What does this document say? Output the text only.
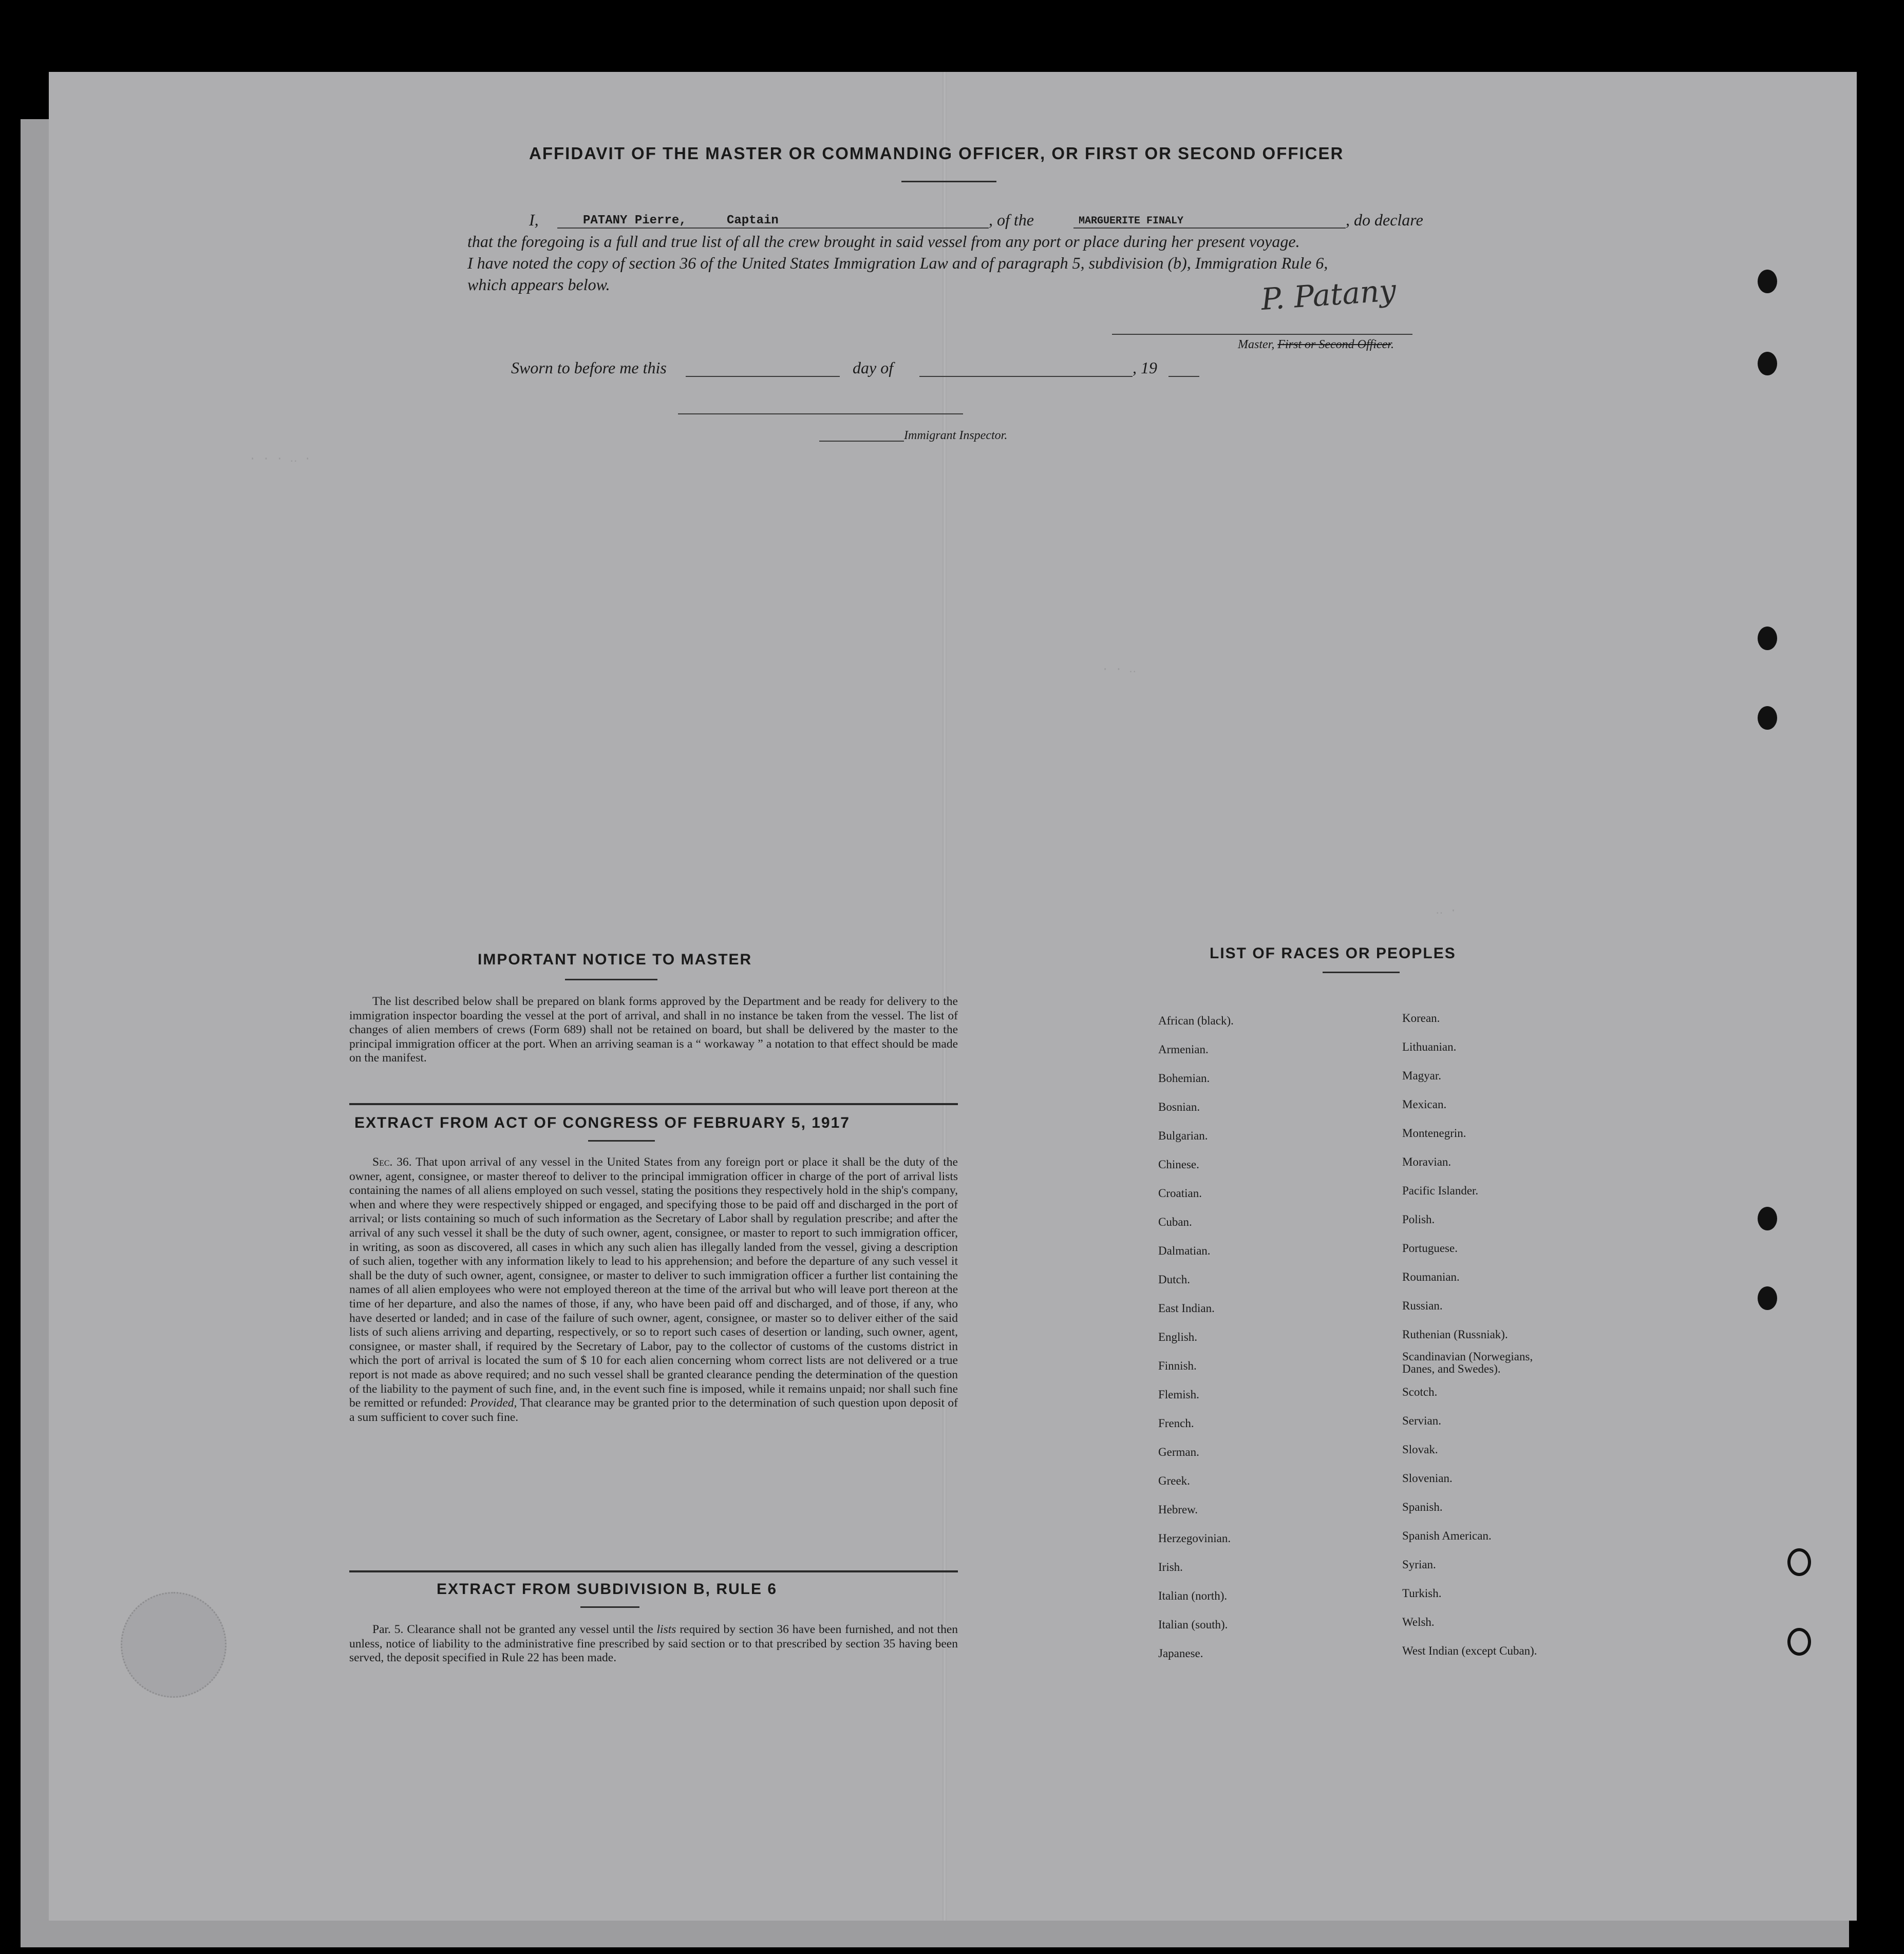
· · · ‥ ·
· · ‥
‥ ·
AFFIDAVIT OF THE MASTER OR COMMANDING OFFICER, OR FIRST OR SECOND OFFICER
I,	PATANY Pierre,	Captain	, of the	MARGUERITE FINALY	, do declare
that the foregoing is a full and true list of all the crew brought in said vessel from any port or place during her present voyage.
I have noted the copy of section 36 of the United States Immigration Law and of paragraph 5, subdivision (b), Immigration Rule 6,
which appears below.	P. Patany
Master, First or Second Officer.
Sworn to before me this	day of	, 19
Immigrant Inspector.
IMPORTANT NOTICE TO MASTER
The list described below shall be prepared on blank forms approved by the Department and be ready for delivery to the immigration inspector boarding the vessel at the port of arrival, and shall in no instance be taken from the vessel. The list of changes of alien members of crews (Form 689) shall not be retained on board, but shall be delivered by the master to the principal immigration officer at the port. When an arriving seaman is a “ workaway ” a notation to that effect should be made on the manifest.
EXTRACT FROM ACT OF CONGRESS OF FEBRUARY 5, 1917
Sec. 36. That upon arrival of any vessel in the United States from any foreign port or place it shall be the duty of the owner, agent, consignee, or master thereof to deliver to the principal immigration officer in charge of the port of arrival lists containing the names of all aliens employed on such vessel, stating the positions they respectively hold in the ship's company, when and where they were respectively shipped or engaged, and specifying those to be paid off and discharged in the port of arrival; or lists containing so much of such information as the Secretary of Labor shall by regulation prescribe; and after the arrival of any such vessel it shall be the duty of such owner, agent, consignee, or master to report to such immigration officer, in writing, as soon as discovered, all cases in which any such alien has illegally landed from the vessel, giving a description of such alien, together with any information likely to lead to his apprehension; and before the departure of any such vessel it shall be the duty of such owner, agent, consignee, or master to deliver to such immigration officer a further list containing the names of all alien employees who were not employed thereon at the time of the arrival but who will leave port thereon at the time of her departure, and also the names of those, if any, who have been paid off and discharged, and of those, if any, who have deserted or landed; and in case of the failure of such owner, agent, consignee, or master so to deliver either of the said lists of such aliens arriving and departing, respectively, or so to report such cases of desertion or landing, such owner, agent, consignee, or master shall, if required by the Secretary of Labor, pay to the collector of customs of the customs district in which the port of arrival is located the sum of $ 10 for each alien concerning whom correct lists are not delivered or a true report is not made as above required; and no such vessel shall be granted clearance pending the determination of the question of the liability to the payment of such fine, and, in the event such fine is imposed, while it remains unpaid; nor shall such fine be remitted or refunded: Provided, That clearance may be granted prior to the determination of such question upon deposit of a sum sufficient to cover such fine.
EXTRACT FROM SUBDIVISION B, RULE 6
Par. 5. Clearance shall not be granted any vessel until the lists required by section 36 have been furnished, and not then unless, notice of liability to the administrative fine prescribed by said section or to that prescribed by section 35 having been served, the deposit specified in Rule 22 has been made.
LIST OF RACES OR PEOPLES
African (black).
Armenian.
Bohemian.
Bosnian.
Bulgarian.
Chinese.
Croatian.
Cuban.
Dalmatian.
Dutch.
East Indian.
English.
Finnish.
Flemish.
French.
German.
Greek.
Hebrew.
Herzegovinian.
Irish.
Italian (north).
Italian (south).
Japanese.
Korean.
Lithuanian.
Magyar.
Mexican.
Montenegrin.
Moravian.
Pacific Islander.
Polish.
Portuguese.
Roumanian.
Russian.
Ruthenian (Russniak).
Scandinavian (Norwegians, Danes, and Swedes).
Scotch.
Servian.
Slovak.
Slovenian.
Spanish.
Spanish American.
Syrian.
Turkish.
Welsh.
West Indian (except Cuban).
